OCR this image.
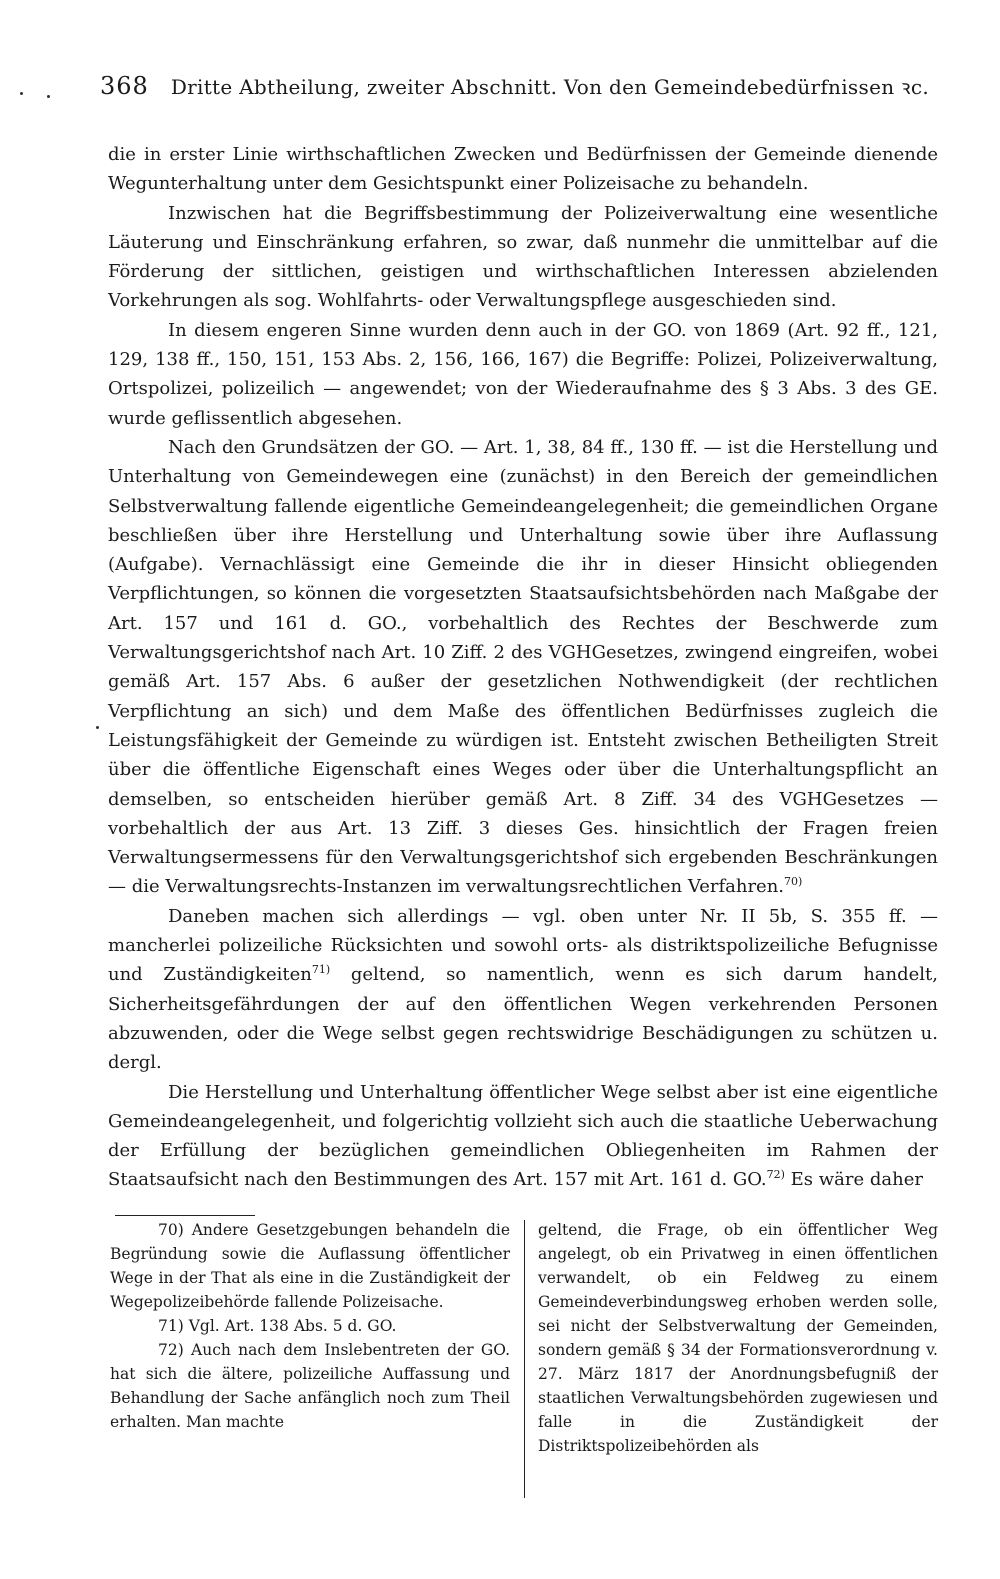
368 Dritte Abtheilung, zweiter Abschnitt. Von den Gemeindebedürfnissen ꝛc.

die in erster Linie wirthschaftlichen Zwecken und Bedürfnissen der Gemeinde dienende Wegunterhaltung unter dem Gesichtspunkt einer Polizeisache zu behandeln.

Inzwischen hat die Begriffsbestimmung der Polizeiverwaltung eine wesentliche Läuterung und Einschränkung erfahren, so zwar, daß nunmehr die unmittelbar auf die Förderung der sittlichen, geistigen und wirthschaftlichen Interessen abzielenden Vorkehrungen als sog. Wohlfahrts- oder Verwaltungspflege ausgeschieden sind.

In diesem engeren Sinne wurden denn auch in der GO. von 1869 (Art. 92 ff., 121, 129, 138 ff., 150, 151, 153 Abs. 2, 156, 166, 167) die Begriffe: Polizei, Polizeiverwaltung, Ortspolizei, polizeilich — angewendet; von der Wiederaufnahme des § 3 Abs. 3 des GE. wurde geflissentlich abgesehen.

Nach den Grundsätzen der GO. — Art. 1, 38, 84 ff., 130 ff. — ist die Herstellung und Unterhaltung von Gemeindewegen eine (zunächst) in den Bereich der gemeindlichen Selbstverwaltung fallende eigentliche Gemeindeangelegenheit; die gemeindlichen Organe beschließen über ihre Herstellung und Unterhaltung sowie über ihre Auflassung (Aufgabe). Vernachlässigt eine Gemeinde die ihr in dieser Hinsicht obliegenden Verpflichtungen, so können die vorgesetzten Staatsaufsichtsbehörden nach Maßgabe der Art. 157 und 161 d. GO., vorbehaltlich des Rechtes der Beschwerde zum Verwaltungsgerichtshof nach Art. 10 Ziff. 2 des VGHGesetzes, zwingend eingreifen, wobei gemäß Art. 157 Abs. 6 außer der gesetzlichen Nothwendigkeit (der rechtlichen Verpflichtung an sich) und dem Maße des öffentlichen Bedürfnisses zugleich die Leistungsfähigkeit der Gemeinde zu würdigen ist. Entsteht zwischen Betheiligten Streit über die öffentliche Eigenschaft eines Weges oder über die Unterhaltungspflicht an demselben, so entscheiden hierüber gemäß Art. 8 Ziff. 34 des VGHGesetzes — vorbehaltlich der aus Art. 13 Ziff. 3 dieses Ges. hinsichtlich der Fragen freien Verwaltungsermessens für den Verwaltungsgerichtshof sich ergebenden Beschränkungen — die Verwaltungsrechts-Instanzen im verwaltungsrechtlichen Verfahren.$^{70)}$

Daneben machen sich allerdings — vgl. oben unter Nr. II 5b, S. 355 ff. — mancherlei polizeiliche Rücksichten und sowohl orts- als distriktspolizeiliche Befugnisse und Zuständigkeiten$^{71)}$ geltend, so namentlich, wenn es sich darum handelt, Sicherheitsgefährdungen der auf den öffentlichen Wegen verkehrenden Personen abzuwenden, oder die Wege selbst gegen rechtswidrige Beschädigungen zu schützen u. dergl.

Die Herstellung und Unterhaltung öffentlicher Wege selbst aber ist eine eigentliche Gemeindeangelegenheit, und folgerichtig vollzieht sich auch die staatliche Ueberwachung der Erfüllung der bezüglichen gemeindlichen Obliegenheiten im Rahmen der Staatsaufsicht nach den Bestimmungen des Art. 157 mit Art. 161 d. GO.$^{72)}$ Es wäre daher

70) Andere Gesetzgebungen behandeln die Begründung sowie die Auflassung öffentlicher Wege in der That als eine in die Zuständigkeit der Wegepolizeibehörde fallende Polizeisache.

71) Vgl. Art. 138 Abs. 5 d. GO.

72) Auch nach dem Inslebentreten der GO. hat sich die ältere, polizeiliche Auffassung und Behandlung der Sache anfänglich noch zum Theil erhalten. Man machte

geltend, die Frage, ob ein öffentlicher Weg angelegt, ob ein Privatweg in einen öffentlichen verwandelt, ob ein Feldweg zu einem Gemeindeverbindungsweg erhoben werden solle, sei nicht der Selbstverwaltung der Gemeinden, sondern gemäß § 34 der Formationsverordnung v. 27. März 1817 der Anordnungsbefugniß der staatlichen Verwaltungsbehörden zugewiesen und falle in die Zuständigkeit der Distriktspolizeibehörden als
